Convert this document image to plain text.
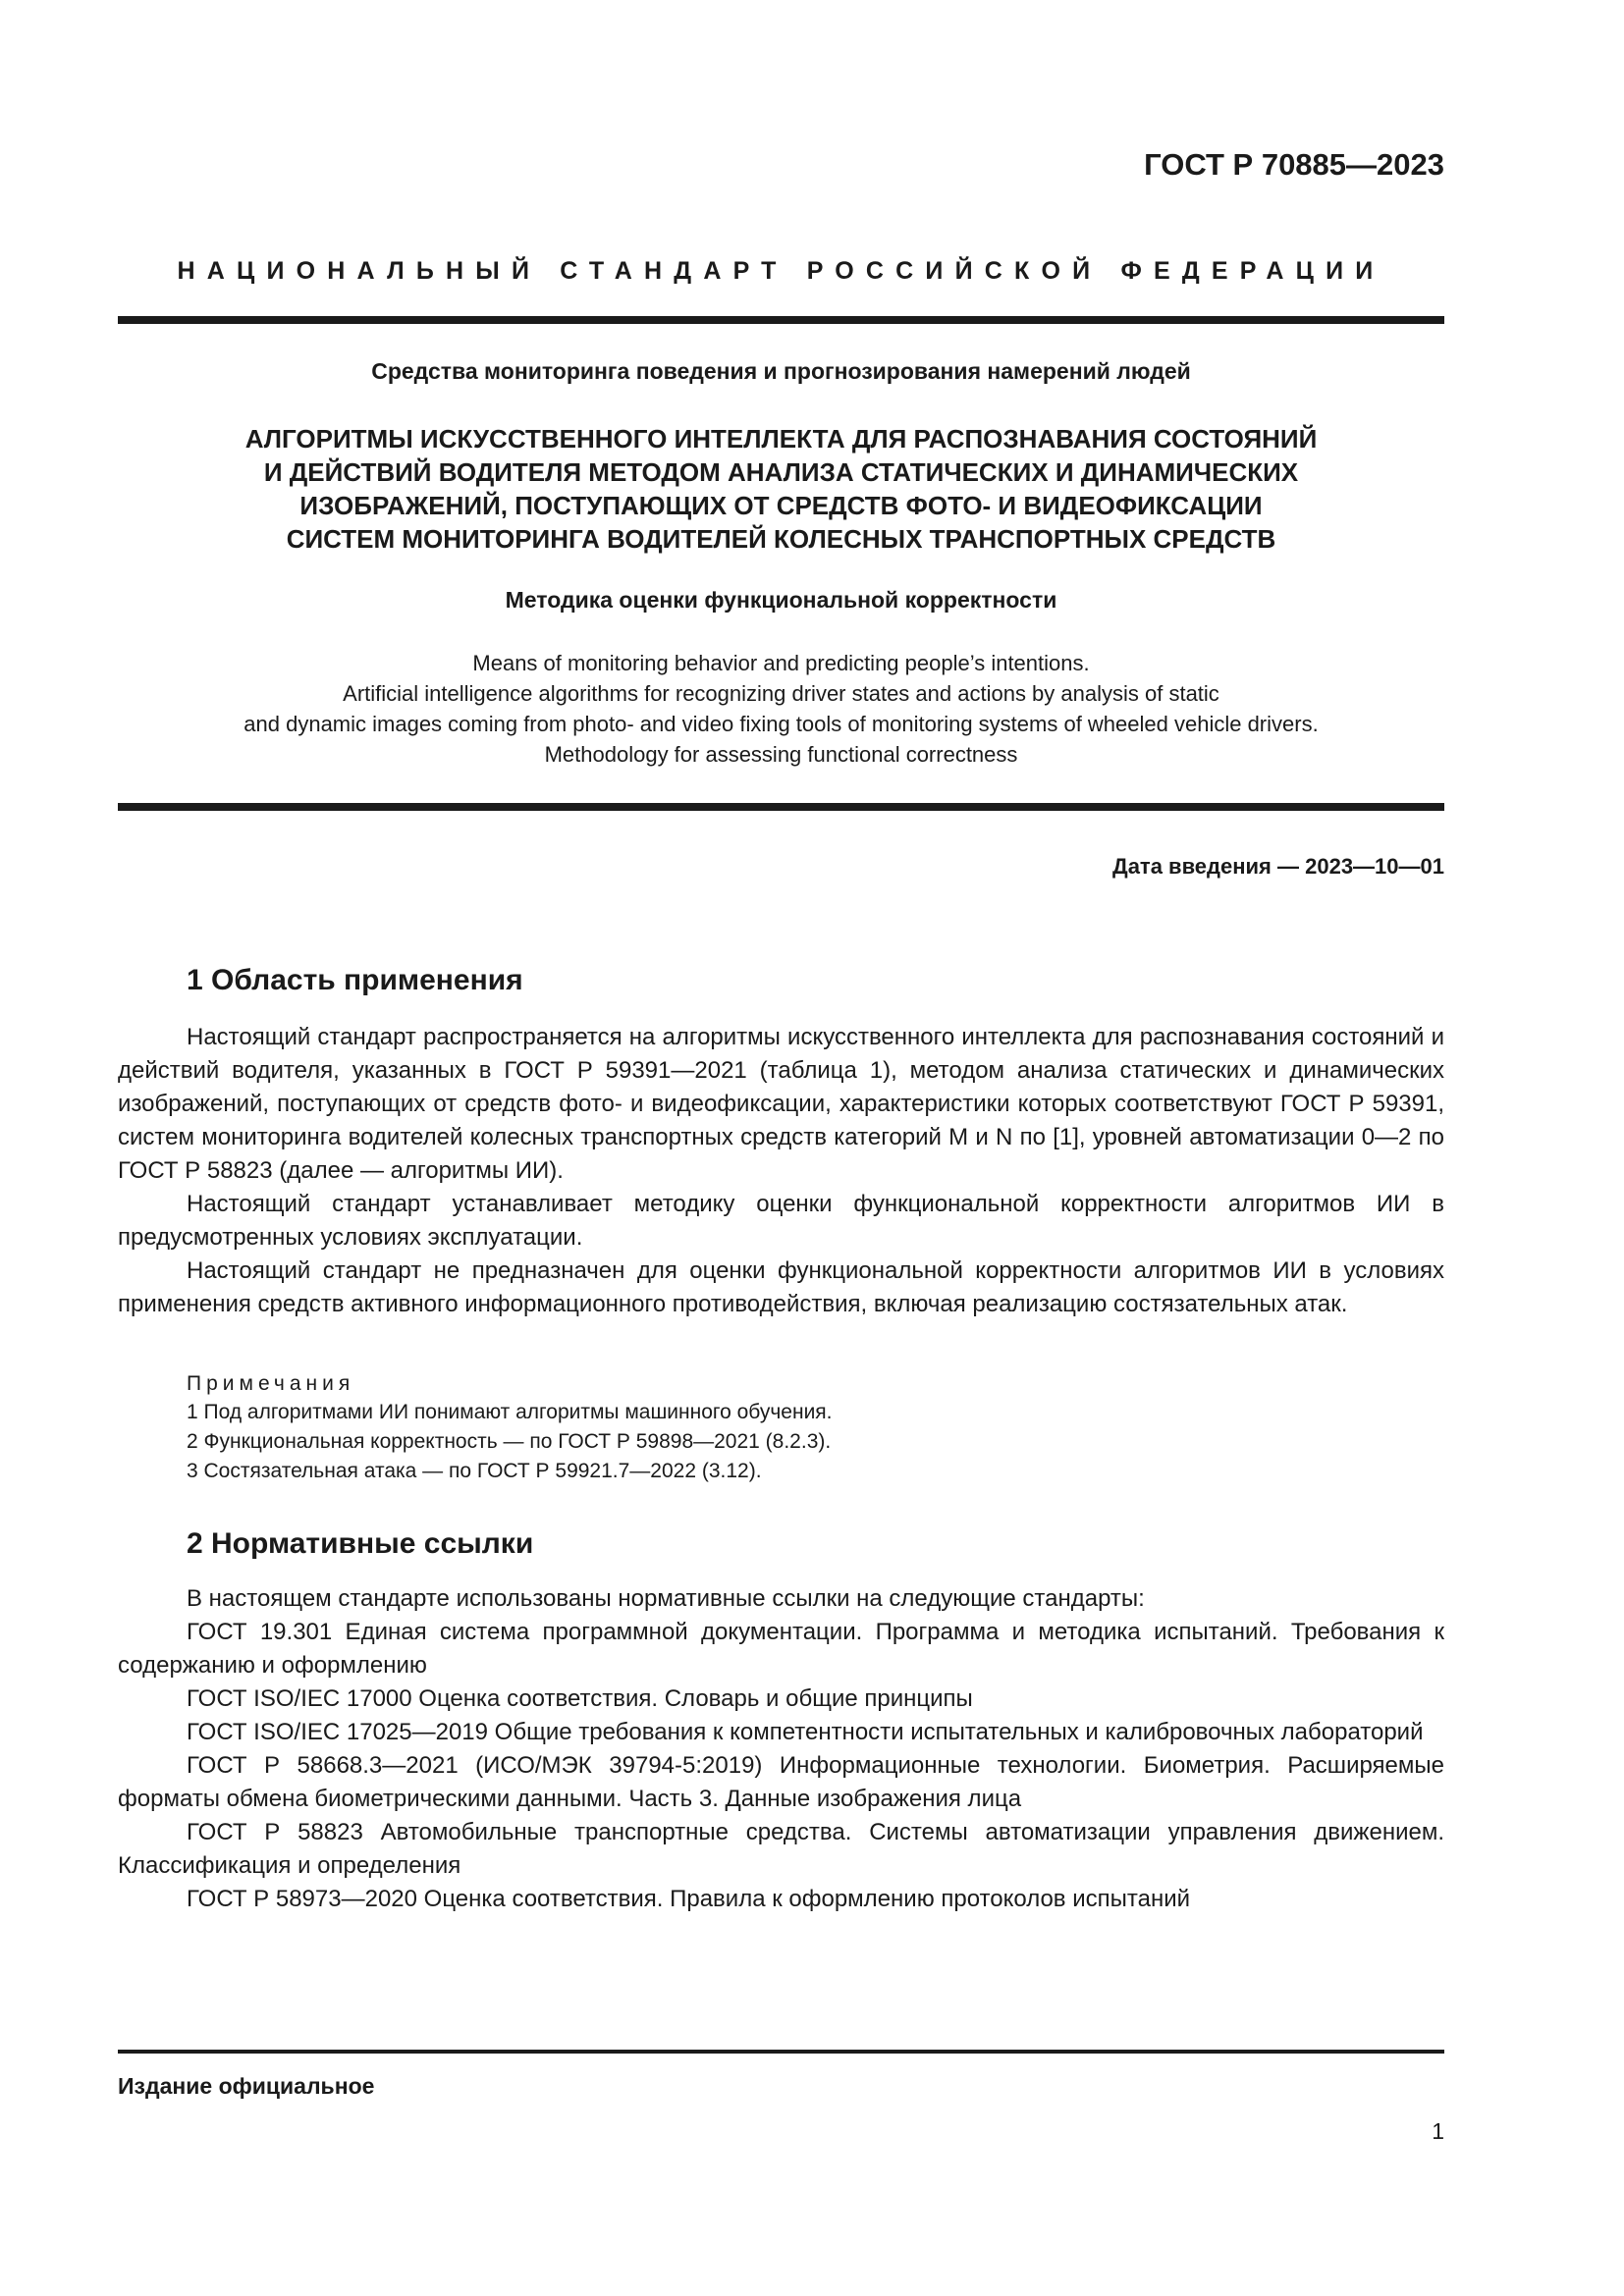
ГОСТ Р 70885—2023
НАЦИОНАЛЬНЫЙ СТАНДАРТ РОССИЙСКОЙ ФЕДЕРАЦИИ
Средства мониторинга поведения и прогнозирования намерений людей
АЛГОРИТМЫ ИСКУССТВЕННОГО ИНТЕЛЛЕКТА ДЛЯ РАСПОЗНАВАНИЯ СОСТОЯНИЙ
И ДЕЙСТВИЙ ВОДИТЕЛЯ МЕТОДОМ АНАЛИЗА СТАТИЧЕСКИХ И ДИНАМИЧЕСКИХ
ИЗОБРАЖЕНИЙ, ПОСТУПАЮЩИХ ОТ СРЕДСТВ ФОТО- И ВИДЕОФИКСАЦИИ
СИСТЕМ МОНИТОРИНГА ВОДИТЕЛЕЙ КОЛЕСНЫХ ТРАНСПОРТНЫХ СРЕДСТВ
Методика оценки функциональной корректности
Means of monitoring behavior and predicting people’s intentions.
Artificial intelligence algorithms for recognizing driver states and actions by analysis of static
and dynamic images coming from photo- and video fixing tools of monitoring systems of wheeled vehicle drivers.
Methodology for assessing functional correctness
Дата введения — 2023—10—01
1 Область применения

Настоящий стандарт распространяется на алгоритмы искусственного интеллекта для распознавания состояний и действий водителя, указанных в ГОСТ Р 59391—2021 (таблица 1), методом анализа статических и динамических изображений, поступающих от средств фото- и видеофиксации, характеристики которых соответствуют ГОСТ Р 59391, систем мониторинга водителей колесных транспортных средств категорий М и N по [1], уровней автоматизации 0—2 по ГОСТ Р 58823 (далее — алгоритмы ИИ).

Настоящий стандарт устанавливает методику оценки функциональной корректности алгоритмов ИИ в предусмотренных условиях эксплуатации.

Настоящий стандарт не предназначен для оценки функциональной корректности алгоритмов ИИ в условиях применения средств активного информационного противодействия, включая реализацию состязательных атак.

Примечания
1 Под алгоритмами ИИ понимают алгоритмы машинного обучения.
2 Функциональная корректность — по ГОСТ Р 59898—2021 (8.2.3).
3 Состязательная атака — по ГОСТ Р 59921.7—2022 (3.12).
2 Нормативные ссылки

В настоящем стандарте использованы нормативные ссылки на следующие стандарты:

ГОСТ 19.301 Единая система программной документации. Программа и методика испытаний. Требования к содержанию и оформлению

ГОСТ ISO/IEC 17000 Оценка соответствия. Словарь и общие принципы

ГОСТ ISO/IEC 17025—2019 Общие требования к компетентности испытательных и калибровочных лабораторий

ГОСТ Р 58668.3—2021 (ИСО/МЭК 39794-5:2019) Информационные технологии. Биометрия. Расширяемые форматы обмена биометрическими данными. Часть 3. Данные изображения лица

ГОСТ Р 58823 Автомобильные транспортные средства. Системы автоматизации управления движением. Классификация и определения

ГОСТ Р 58973—2020 Оценка соответствия. Правила к оформлению протоколов испытаний

Издание официальное
1
